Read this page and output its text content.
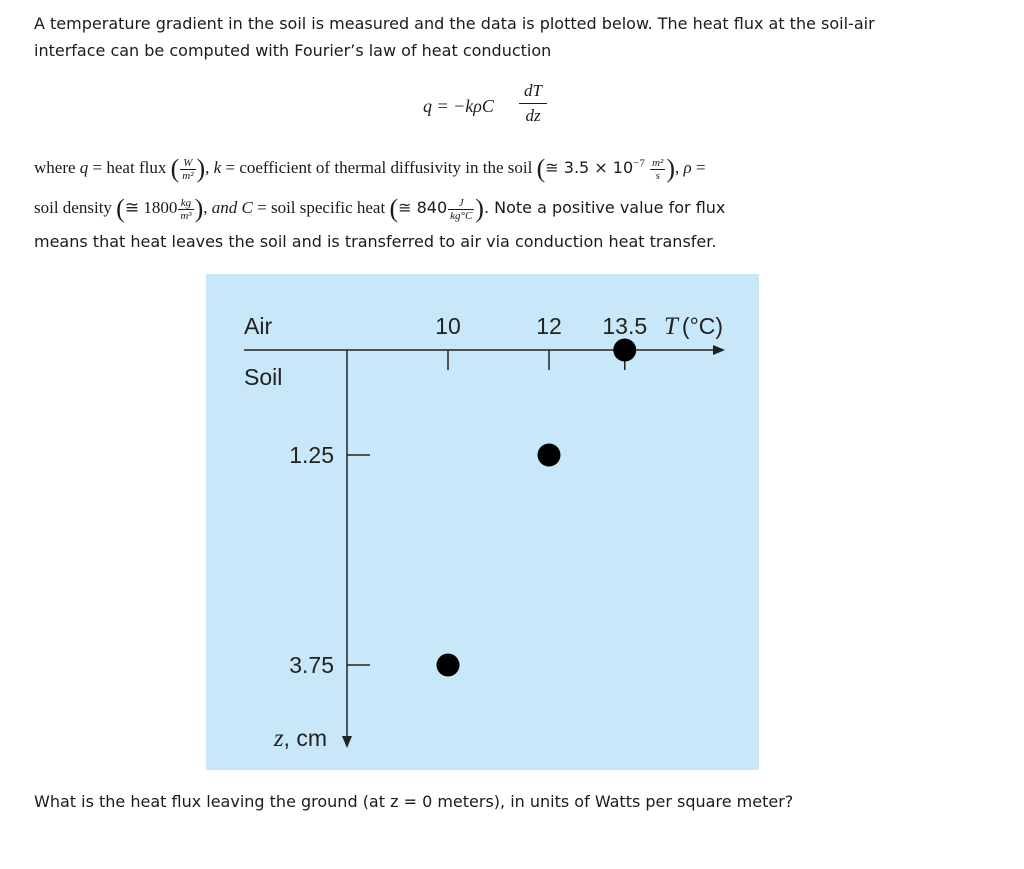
A temperature gradient in the soil is measured and the data is plotted below. The heat flux at the soil-air
interface can be computed with Fourier’s law of heat conduction
q = −kρC
dT
dz
where q = heat flux ( $\frac{W}{\text{m²}}$ ), k = coefficient of thermal diffusivity in the soil (≅ $3.5 \times 10^{-7} \frac{\text{m²}}{s}$ ), ρ =
soil density (≅ $1800 \frac{kg}{\text{m³}}$ ), and C = soil specific heat (≅ $840 \frac{J}{kg^\circ C}$ ). Note a positive value for flux
means that heat leaves the soil and is transferred to air via conduction heat transfer.
Air
Soil
T (°C)
z, cm
10	12 13.5
1.25
3.75
What is the heat flux leaving the ground (at z = 0 meters), in units of Watts per square meter?
